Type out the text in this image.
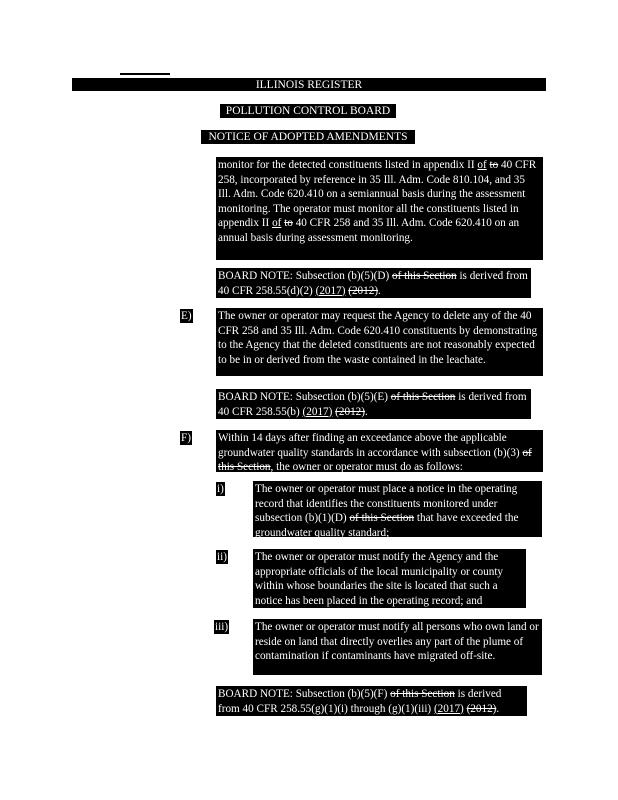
ILLINOIS REGISTER
POLLUTION CONTROL BOARD
NOTICE OF ADOPTED AMENDMENTS
monitor for the detected constituents listed in appendix II of to 40 CFR 258, incorporated by reference in 35 Ill. Adm. Code 810.104, and 35 Ill. Adm. Code 620.410 on a semiannual basis during the assessment monitoring. The operator must monitor all the constituents listed in appendix II of to 40 CFR 258 and 35 Ill. Adm. Code 620.410 on an annual basis during assessment monitoring.
BOARD NOTE: Subsection (b)(5)(D) of this Section is derived from 40 CFR 258.55(d)(2) (2017) (2012).
E) The owner or operator may request the Agency to delete any of the 40 CFR 258 and 35 Ill. Adm. Code 620.410 constituents by demonstrating to the Agency that the deleted constituents are not reasonably expected to be in or derived from the waste contained in the leachate.
BOARD NOTE: Subsection (b)(5)(E) of this Section is derived from 40 CFR 258.55(b) (2017) (2012).
F) Within 14 days after finding an exceedance above the applicable groundwater quality standards in accordance with subsection (b)(3) of this Section, the owner or operator must do as follows:
i)	The owner or operator must place a notice in the operating record that identifies the constituents monitored under subsection (b)(1)(D) of this Section that have exceeded the groundwater quality standard;
ii)	The owner or operator must notify the Agency and the appropriate officials of the local municipality or county within whose boundaries the site is located that such a notice has been placed in the operating record; and
iii) The owner or operator must notify all persons who own land or reside on land that directly overlies any part of the plume of contamination if contaminants have migrated off-site.
BOARD NOTE: Subsection (b)(5)(F) of this Section is derived from 40 CFR 258.55(g)(1)(i) through (g)(1)(iii) (2017) (2012).
